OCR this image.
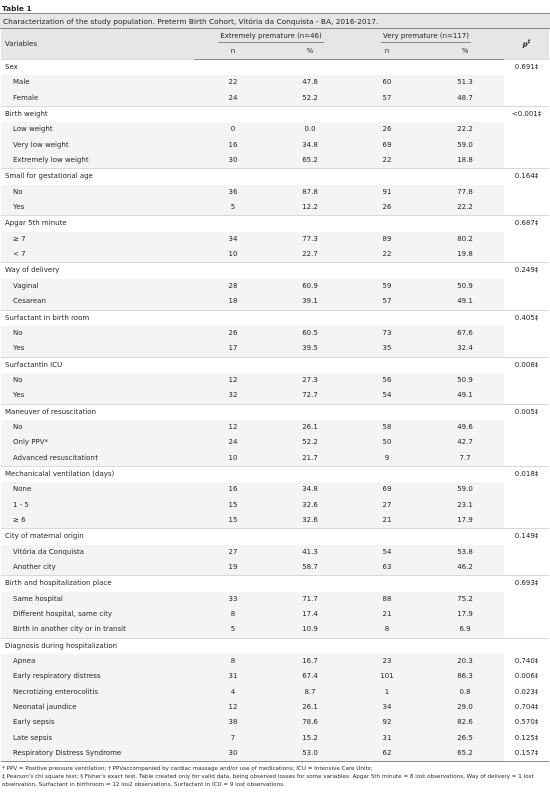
Table 1
Characterization of the study population. Preterm Birth Cohort, Vitória da Conquista - BA, 2016-2017.
Variables	Extremely premature (n=46)		Very premature (n=117)		p‡
	n	%	n	%	
Sex					0.691‡
Male	22	47.8	60	51.3	
Female	24	52.2	57	48.7	
Birth weight					<0.001‡
Low weight	0	0.0	26	22.2	
Very low weight	16	34.8	69	59.0	
Extremely low weight	30	65.2	22	18.8	
Small for gestational age					0.164‡
No	36	87.8	91	77.8	
Yes	5	12.2	26	22.2	
Apgar 5th minute					0.687‡
≥ 7	34	77.3	89	80.2	
< 7	10	22.7	22	19.8	
Way of delivery					0.249‡
Vaginal	28	60.9	59	50.9	
Cesarean	18	39.1	57	49.1	
Surfactant in birth room					0.405‡
No	26	60.5	73	67.6	
Yes	17	39.5	35	32.4	
Surfactantin ICU					0.008‡
No	12	27.3	56	50.9	
Yes	32	72.7	54	49.1	
Maneuver of resuscitation					0.005‡
No	12	26.1	58	49.6	
Only PPV*	24	52.2	50	42.7	
Advanced resuscitation†	10	21.7	9	7.7	
Mechanicalal ventilation (days)					0.018‡
None	16	34.8	69	59.0	
1 - 5	15	32.6	27	23.1	
≥ 6	15	32.6	21	17.9	
City of maternal origin					0.149‡
Vitória da Conquista	27	41.3	54	53.8	
Another city	19	58.7	63	46.2	
Birth and hospitalization place					0.693‡
Same hospital	33	71.7	88	75.2	
Different hospital, same city	8	17.4	21	17.9	
Birth in another city or in transit	5	10.9	8	6.9	
Diagnosis during hospitalization					
Apnea	8	16.7	23	20.3	0.740‡
Early respiratory distress	31	67.4	101	86.3	0.006‡
Necrotizing enterocolitis	4	8.7	1	0.8	0.023‡
Neonatal jaundice	12	26.1	34	29.0	0.704‡
Early sepsis	38	78.6	92	82.6	0.570‡
Late sepsis	7	15.2	31	26.5	0.125‡
Respiratory Distress Syndrome	30	53.0	62	65.2	0.157‡
* PPV = Positive pressure ventilation; † PPVaccompanied by cardiac massage and/or use of medications; ICU = Intensive Care Units;
‡ Pearson's chi square test; § Fisher's exact test. Table created only for valid data, being observed losses for some variables: Apgar 5th minute = 8 lost observations, Way of delivery = 1 lost observation, Surfactant in birthroom = 12 los2 observations, Surfactant in ICU = 9 lost observations.
